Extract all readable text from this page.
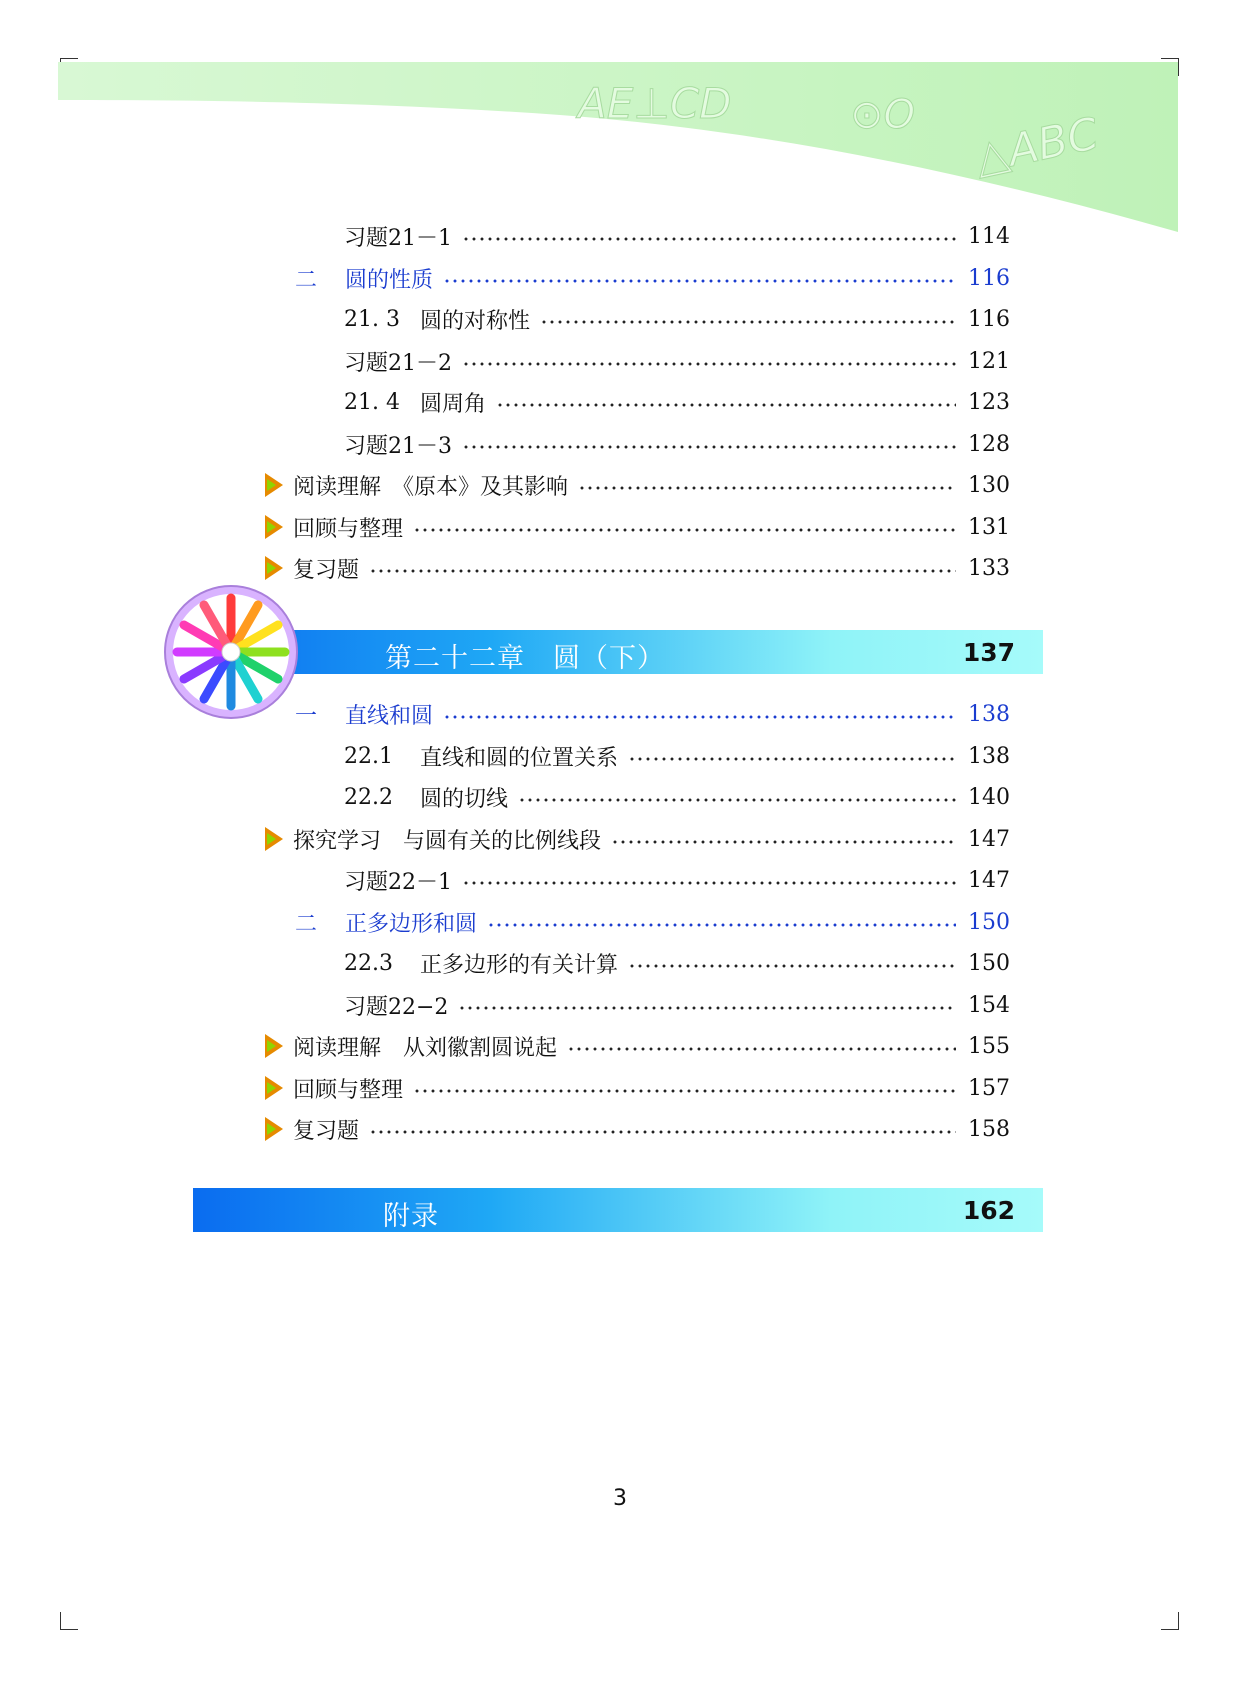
AE⊥CD	⊙O △ABC
习题21－1	114
二	圆的性质	116
21. 3 圆的对称性	116
习题21－2	121
21. 4 圆周角	123
习题21－3	128
阅读理解　《原本》及其影响	130
回顾与整理	131
复习题	133
第二十二章　圆（下）	137
一	直线和圆	138
22.1	直线和圆的位置关系	138
22.2	圆的切线	140
探究学习　与圆有关的比例线段	147
习题22－1	147
二	正多边形和圆	150
22.3	正多边形的有关计算	150
习题22−2	154
阅读理解　从刘徽割圆说起	155
回顾与整理	157
复习题	158
附录	162
3
